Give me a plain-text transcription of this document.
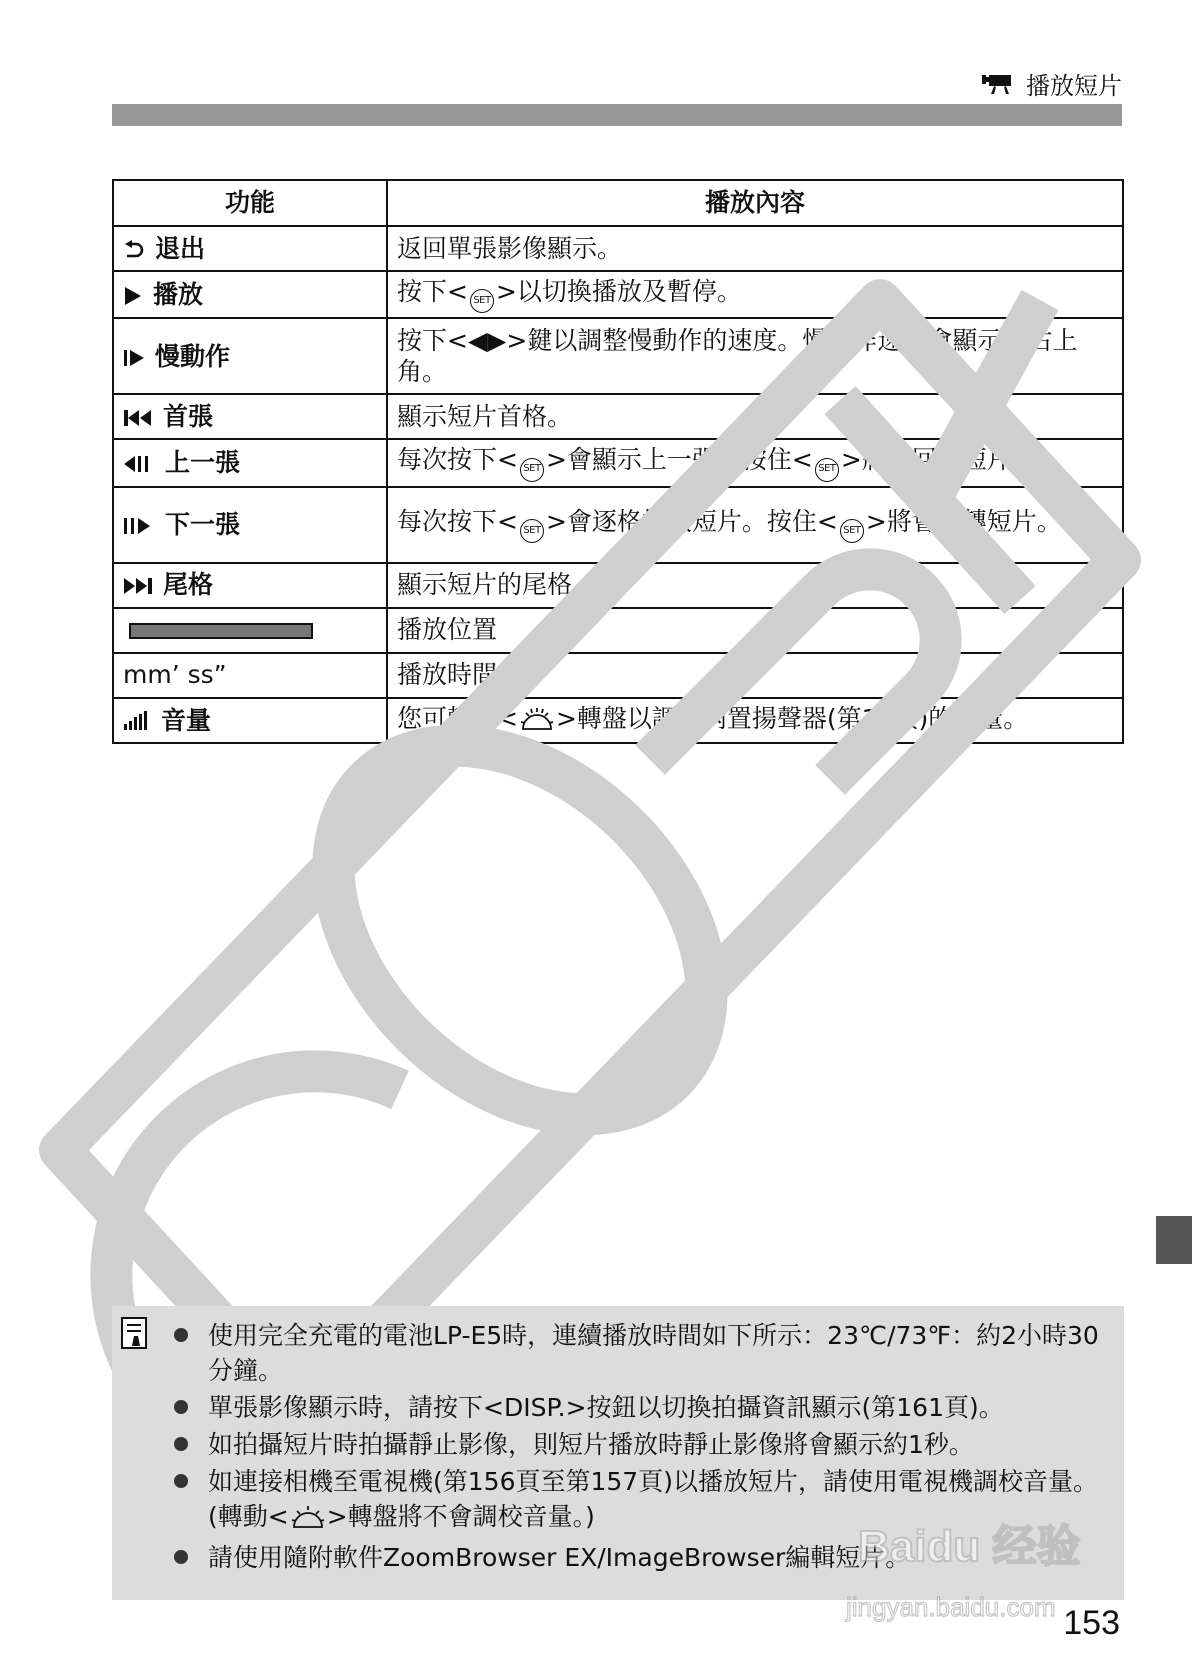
播放短片
功能	播放內容
退出	返回單張影像顯示。
播放	按下< SET >以切換播放及暫停。
慢動作	按下<◀▶>鍵以調整慢動作的速度。慢動作速度會顯示在右上角。
首張	顯示短片首格。
上一張	每次按下< SET >會顯示上一張。按住< SET >將會回捲短片。
下一張	每次按下< SET >會逐格播放短片。按住< SET >將會快轉短片。
尾格	顯示短片的尾格。
	播放位置
mm’ ss”	播放時間
音量	您可轉動< >轉盤以調校內置揚聲器(第17頁)的音量。
使用完全充電的電池LP-E5時，連續播放時間如下所示：23℃/73℉：約2小時30分鐘。
單張影像顯示時，請按下<DISP.>按鈕以切換拍攝資訊顯示(第161頁)。
如拍攝短片時拍攝靜止影像，則短片播放時靜止影像將會顯示約1秒。
如連接相機至電視機(第156頁至第157頁)以播放短片，請使用電視機調校音量。(轉動< >轉盤將不會調校音量。)
請使用隨附軟件ZoomBrowser EX/ImageBrowser編輯短片。
Baidu 经验
jingyan.baidu.com 153
